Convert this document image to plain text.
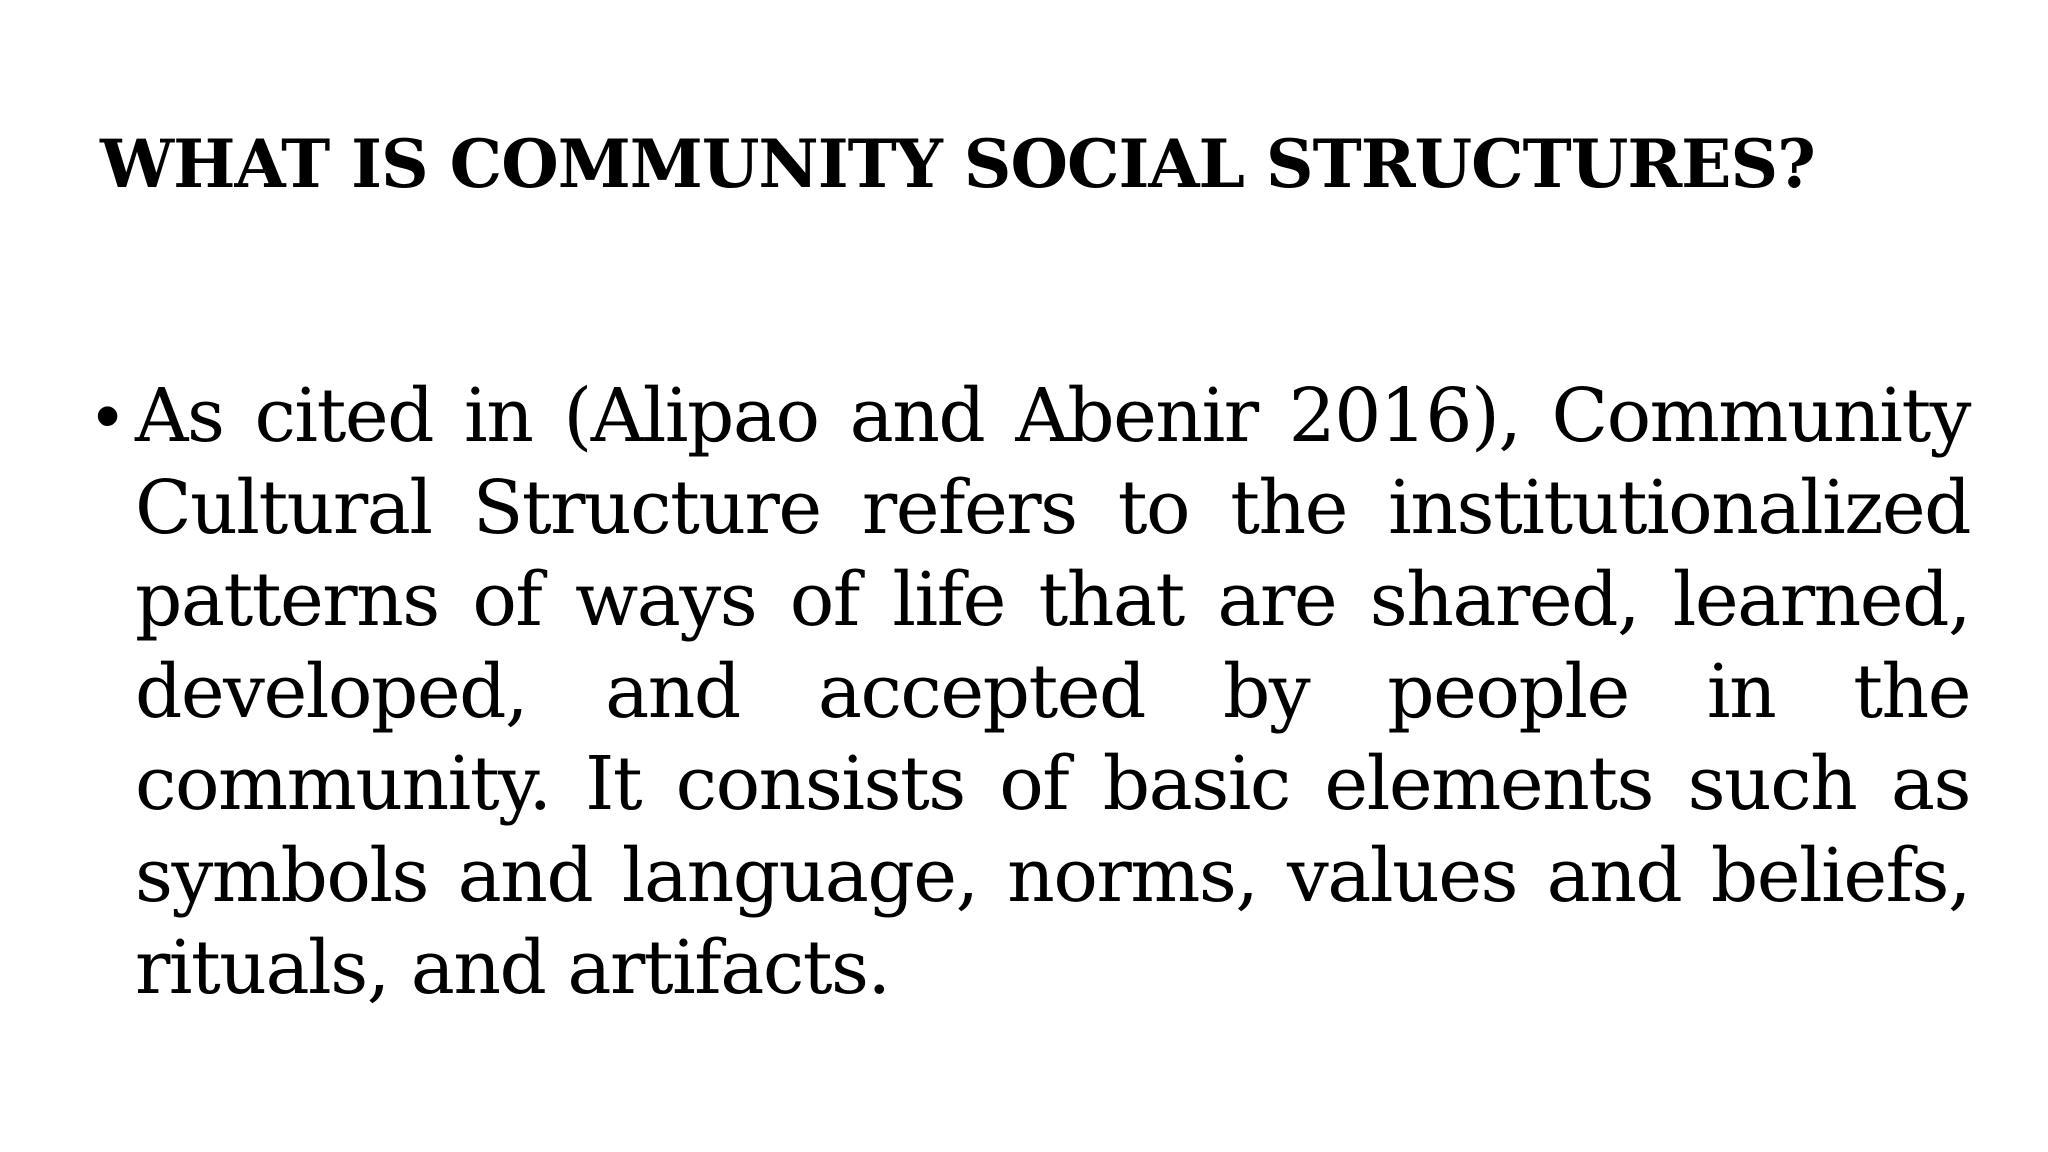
WHAT IS COMMUNITY SOCIAL STRUCTURES?
• As cited in (Alipao and Abenir 2016), Community Cultural Structure refers to the institutionalized patterns of ways of life that are shared, learned, developed, and accepted by people in the community. It consists of basic elements such as symbols and language, norms, values and beliefs, rituals, and artifacts.
